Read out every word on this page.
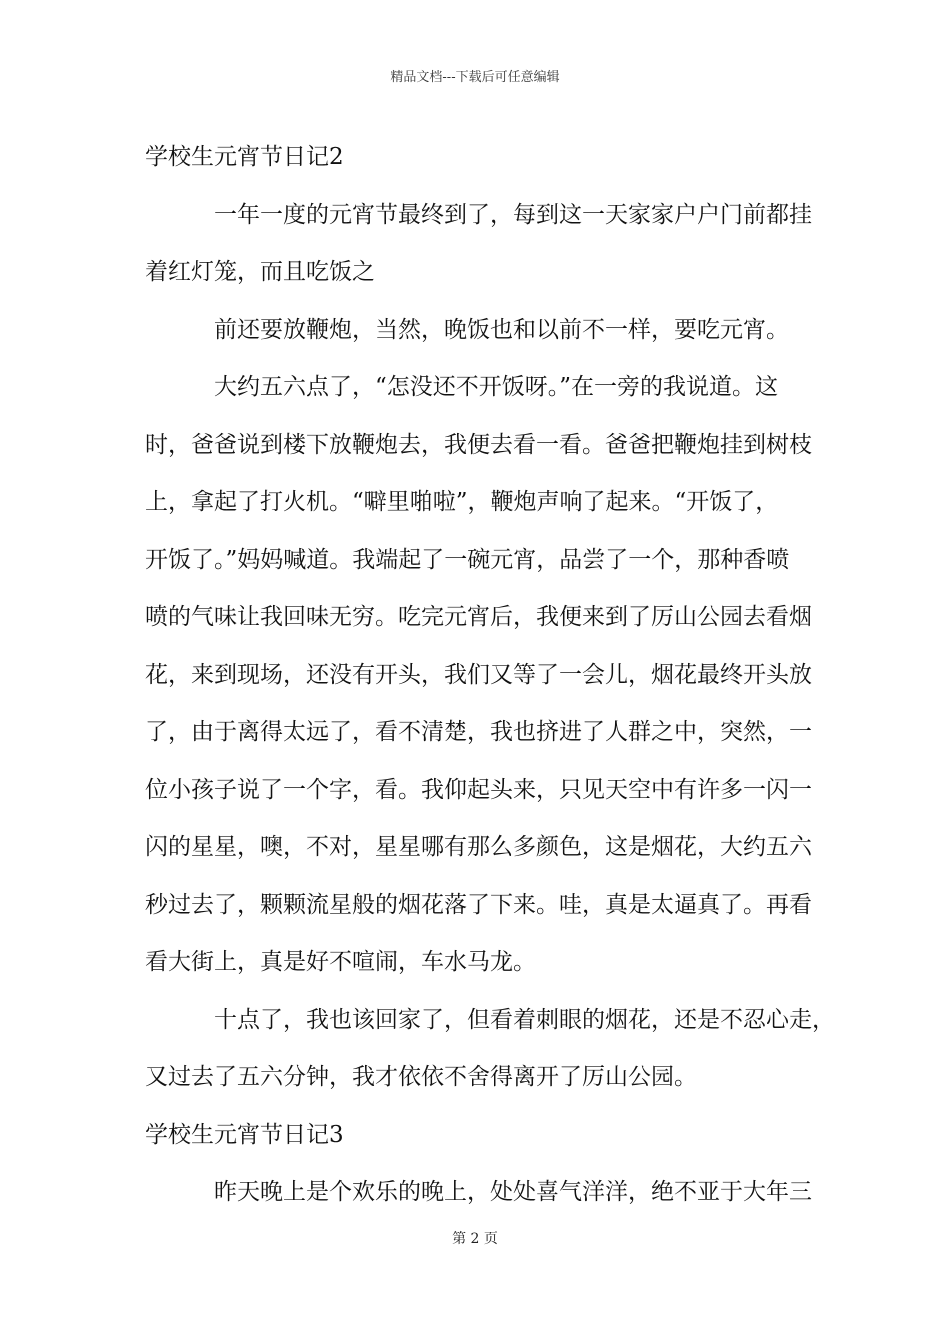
精品文档---下载后可任意编辑
学校生元宵节日记2
一年一度的元宵节最终到了，每到这一天家家户户门前都挂
着红灯笼，而且吃饭之
前还要放鞭炮，当然，晚饭也和以前不一样，要吃元宵。
大约五六点了，“怎没还不开饭呀。”在一旁的我说道。这
时，爸爸说到楼下放鞭炮去，我便去看一看。爸爸把鞭炮挂到树枝
上，拿起了打火机。“噼里啪啦”，鞭炮声响了起来。“开饭了，
开饭了。”妈妈喊道。我端起了一碗元宵，品尝了一个，那种香喷
喷的气味让我回味无穷。吃完元宵后，我便来到了厉山公园去看烟
花，来到现场，还没有开头，我们又等了一会儿，烟花最终开头放
了，由于离得太远了，看不清楚，我也挤进了人群之中，突然，一
位小孩子说了一个字，看。我仰起头来，只见天空中有许多一闪一
闪的星星，噢，不对，星星哪有那么多颜色，这是烟花，大约五六
秒过去了，颗颗流星般的烟花落了下来。哇，真是太逼真了。再看
看大街上，真是好不喧闹，车水马龙。
十点了，我也该回家了，但看着刺眼的烟花，还是不忍心走，
又过去了五六分钟，我才依依不舍得离开了厉山公园。
学校生元宵节日记3
昨天晚上是个欢乐的晚上，处处喜气洋洋，绝不亚于大年三
第 2 页
